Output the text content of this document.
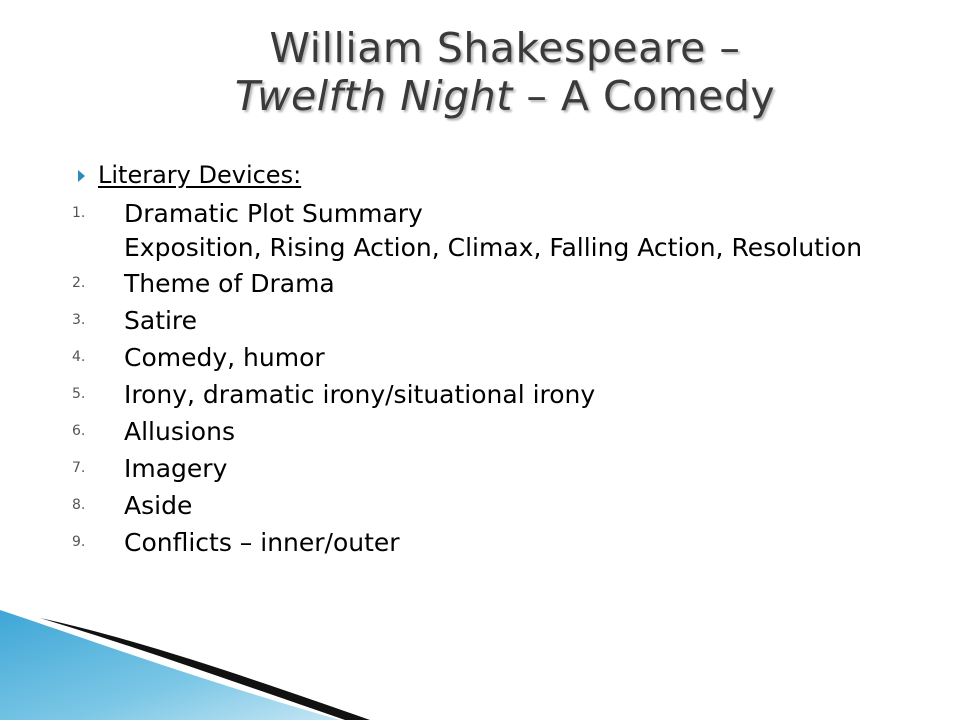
William Shakespeare –
Twelfth Night – A Comedy
Literary Devices:
1. Dramatic Plot Summary
Exposition, Rising Action, Climax, Falling Action, Resolution
2. Theme of Drama
3. Satire
4. Comedy, humor
5. Irony, dramatic irony/situational irony
6. Allusions
7. Imagery
8. Aside
9. Conflicts – inner/outer
